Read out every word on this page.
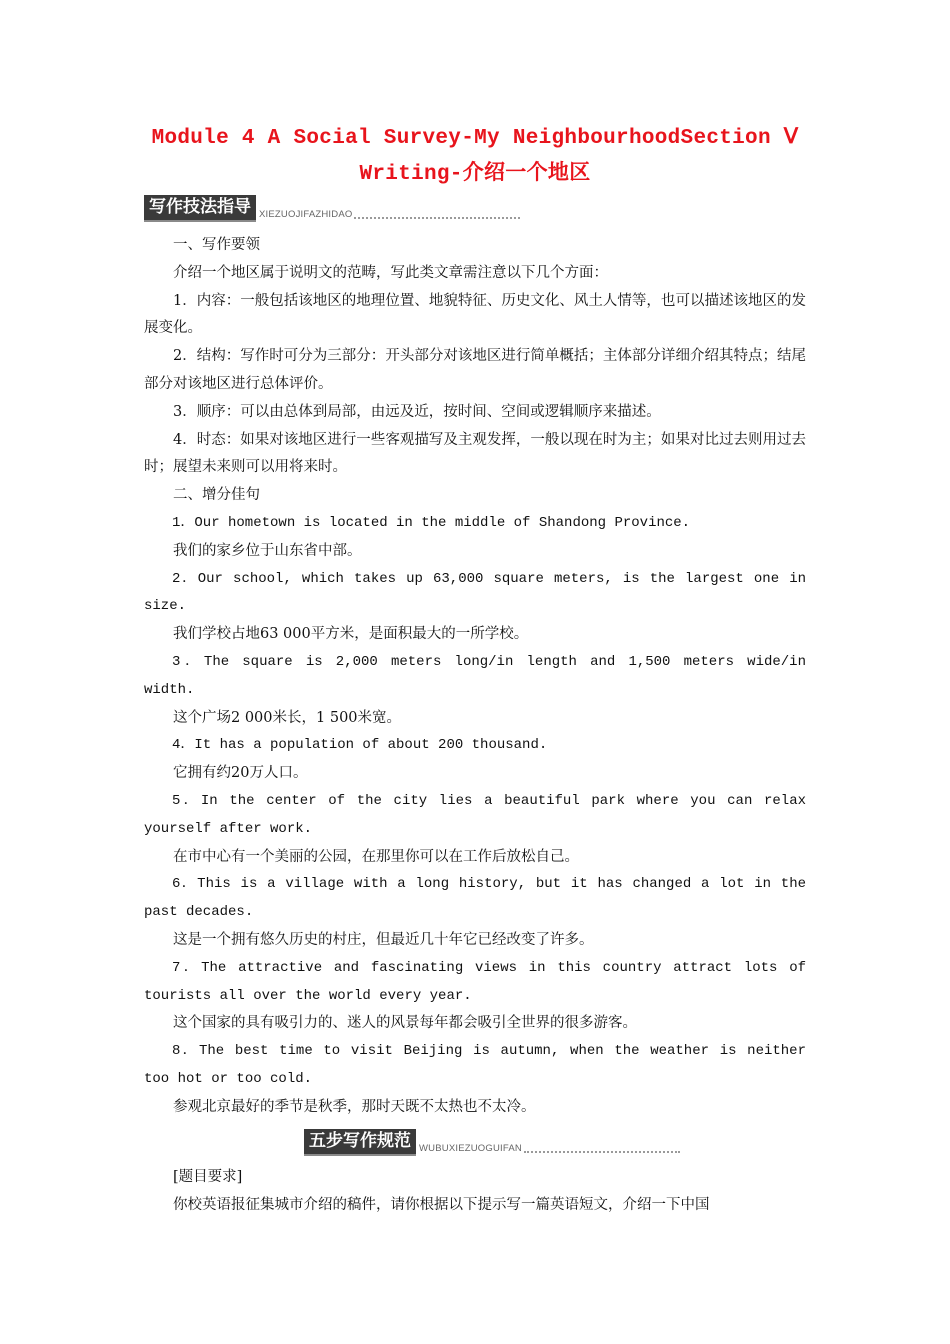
Module 4 A Social Survey-My NeighbourhoodSection Ⅴ
Writing-介绍一个地区
写作技法指导 XIEZUOJIFAZHIDAO

一、写作要领

介绍一个地区属于说明文的范畴，写此类文章需注意以下几个方面：

1．内容：一般包括该地区的地理位置、地貌特征、历史文化、风土人情等，也可以描述该地区的发展变化。

2．结构：写作时可分为三部分：开头部分对该地区进行简单概括；主体部分详细介绍其特点；结尾部分对该地区进行总体评价。

3．顺序：可以由总体到局部，由远及近，按时间、空间或逻辑顺序来描述。

4．时态：如果对该地区进行一些客观描写及主观发挥，一般以现在时为主；如果对比过去则用过去时；展望未来则可以用将来时。

二、增分佳句

1．Our hometown is located in the middle of Shandong Province.

我们的家乡位于山东省中部。

2．Our school, which takes up 63,000 square meters, is the largest one in size.

我们学校占地63 000平方米，是面积最大的一所学校。

3．The square is 2,000 meters long/in length and 1,500 meters wide/in width.

这个广场2 000米长，1 500米宽。

4．It has a population of about 200 thousand.

它拥有约20万人口。

5．In the center of the city lies a beautiful park where you can relax yourself after work.

在市中心有一个美丽的公园，在那里你可以在工作后放松自己。

6．This is a village with a long history, but it has changed a lot in the past decades.

这是一个拥有悠久历史的村庄，但最近几十年它已经改变了许多。

7．The attractive and fascinating views in this country attract lots of tourists all over the world every year.

这个国家的具有吸引力的、迷人的风景每年都会吸引全世界的很多游客。

8．The best time to visit Beijing is autumn, when the weather is neither too hot or too cold.

参观北京最好的季节是秋季，那时天既不太热也不太冷。

五步写作规范 WUBUXIEZUOGUIFAN

[题目要求]

你校英语报征集城市介绍的稿件，请你根据以下提示写一篇英语短文，介绍一下中国
